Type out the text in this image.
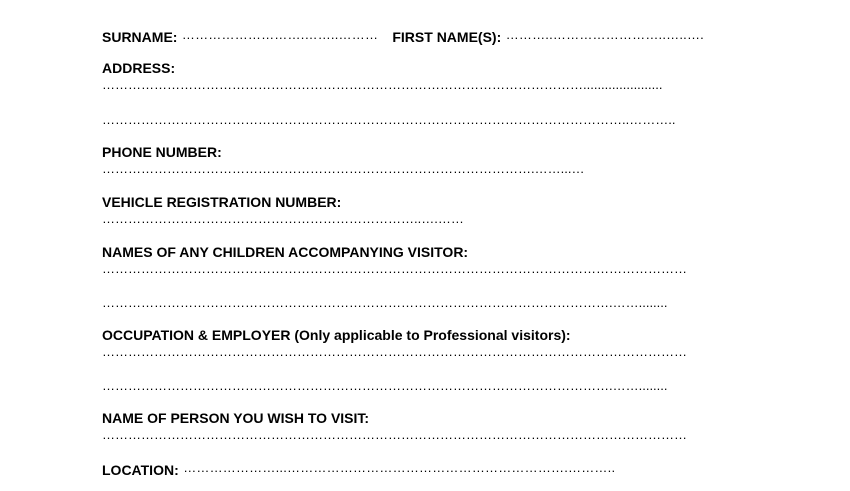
SURNAME: ……………………….……..……… FIRST NAME(S): ………..……………………..…..….
ADDRESS:
…………………………………………………………………………………………………......................
…………………………………………………………………………………………………………..………..
PHONE NUMBER:
……………………………………………………………………………………….……...…
VEHICLE REGISTRATION NUMBER:
………………………………………………………………..….……
NAMES OF ANY CHILDREN ACCOMPANYING VISITOR:
………………………………………………………………………………………………………………………
……………………………………………………………………………………………………….……........
OCCUPATION & EMPLOYER (Only applicable to Professional visitors):
………………………………………………………………………………………………………………………
……………………………………………………………………………………………………….……........
NAME OF PERSON YOU WISH TO VISIT:
………………………………………………………………………………………………………………………
LOCATION: …………………...……………………………………………………….………..
